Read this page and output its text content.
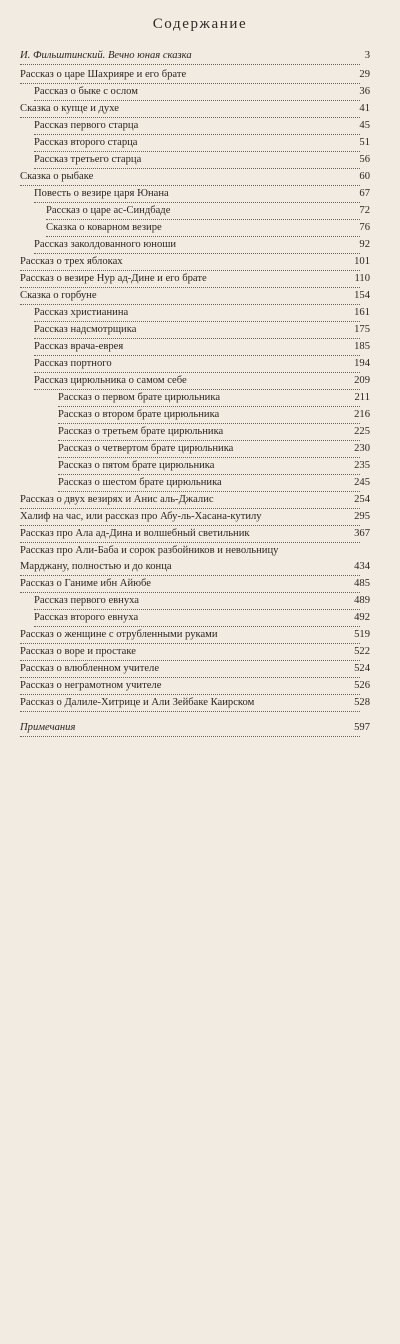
Содержание
И. Фильштинский. Вечно юная сказка	3
Рассказ о царе Шахрияре и его брате	29
Рассказ о быке с ослом	36
Сказка о купце и духе	41
Рассказ первого старца	45
Рассказ второго старца	51
Рассказ третьего старца	56
Сказка о рыбаке	60
Повесть о везире царя Юнана	67
Рассказ о царе ас-Синдбаде	72
Сказка о коварном везире	76
Рассказ заколдованного юноши	92
Рассказ о трех яблоках	101
Рассказ о везире Нур ад-Дине и его брате	110
Сказка о горбуне	154
Рассказ христианина	161
Рассказ надсмотрщика	175
Рассказ врача-еврея	185
Рассказ портного	194
Рассказ цирюльника о самом себе	209
Рассказ о первом брате цирюльника	211
Рассказ о втором брате цирюльника	216
Рассказ о третьем брате цирюльника	225
Рассказ о четвертом брате цирюльника	230
Рассказ о пятом брате цирюльника	235
Рассказ о шестом брате цирюльника	245
Рассказ о двух везирях и Анис аль-Джалис	254
Халиф на час, или рассказ про Абу-ль-Хасана-кутилу	295
Рассказ про Ала ад-Дина и волшебный светильник	367
Рассказ про Али-Баба и сорок разбойников и невольницу
Марджану, полностью и до конца	434
Рассказ о Ганиме ибн Айюбе	485
Рассказ первого евнуха	489
Рассказ второго евнуха	492
Рассказ о женщине с отрубленными руками	519
Рассказ о воре и простаке	522
Рассказ о влюбленном учителе	524
Рассказ о неграмотном учителе	526
Рассказ о Далиле-Хитрице и Али Зейбаке Каирском	528
Примечания	597
